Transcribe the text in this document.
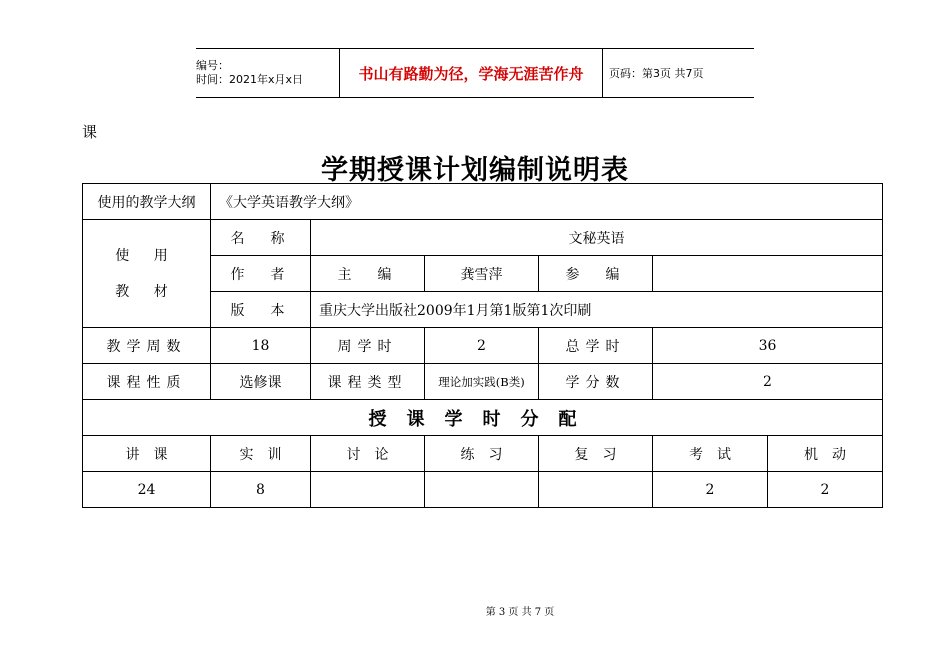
编号：
时间：2021年x月x日	书山有路勤为径，学海无涯苦作舟 页码：第3页 共7页
课
学期授课计划编制说明表
使用的教学大纲	《大学英语教学大纲》					

使 用
教 材	名　称	文秘英语				
	作　者	主　编	龚雪萍	参　编		
	版　本	重庆大学出版社2009年1月第1版第1次印刷				
教学周数	18	周学时	2	总学时	36	
课程性质	选修课	课程类型	理论加实践(B类)	学分数	2	
授课学时分配						
讲　课	实　训	讨　论	练　习	复　习	考　试	机　动
24	8				2	2
第 3 页 共 7 页
